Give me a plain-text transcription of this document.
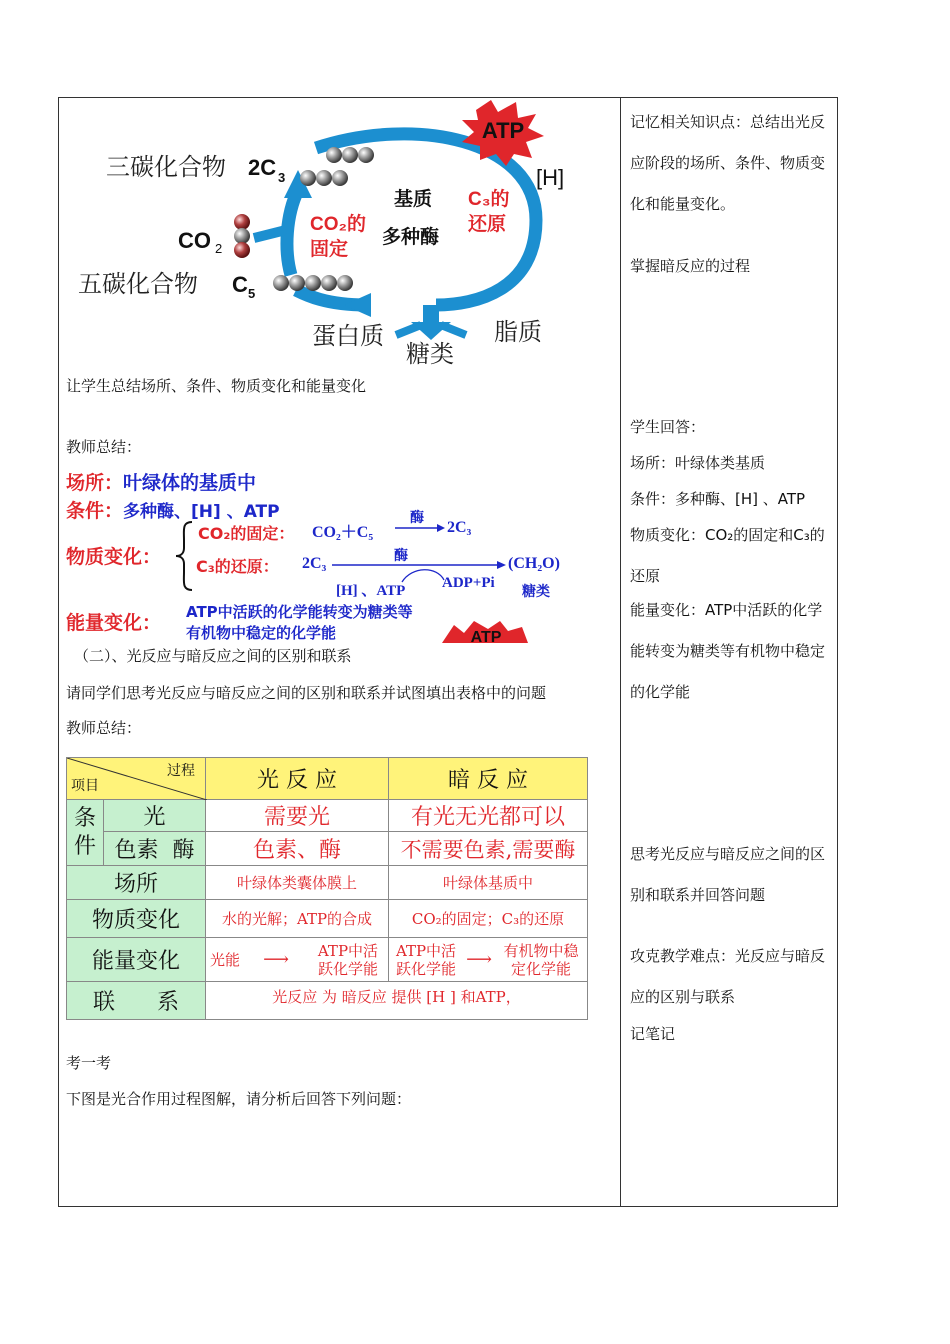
ATP
[H]
三碳化合物 2C 3
CO 2
五碳化合物 C 5
基质
多种酶
CO₂的
固定
C₃的
还原
蛋白质
糖类
脂质
让学生总结场所、条件、物质变化和能量变化
教师总结：
场所：叶绿体的基质中
条件：多种酶、[H] 、ATP
物质变化：
CO₂的固定： CO₂＋C₅
酶
2C₃
C₃的还原： 2C₃	酶	(CH₂O)
[H] 、ATP ADP+Pi
糖类
能量变化： ATP中活跃的化学能转变为糖类等
有机物中稳定的化学能	ATP
（二）、光反应与暗反应之间的区别和联系
请同学们思考光反应与暗反应之间的区别和联系并试图填出表格中的问题
教师总结：
项目
过程		光 反 应	暗 反 应

条
件	光	需要光	有光无光都可以
	色素  酶	色素、酶	不需要色素,需要酶
场所		叶绿体类囊体膜上	叶绿体基质中
物质变化		水的光解；ATP的合成	CO₂的固定；C₃的还原
能量变化		光能 ⟶ ATP中活跃化学能	ATP中活跃化学能 ⟶ 有机物中稳定化学能

联      系		光反应 为 暗反应 提供 [H ] 和ATP，	
考一考
下图是光合作用过程图解，请分析后回答下列问题：
记忆相关知识点：总结出光反应阶段的场所、条件、物质变化和能量变化。
掌握暗反应的过程
学生回答：
场所：叶绿体类基质
条件：多种酶、[H] 、ATP
物质变化：CO₂的固定和C₃的还原
能量变化：ATP中活跃的化学能转变为糖类等有机物中稳定的化学能
思考光反应与暗反应之间的区别和联系并回答问题
攻克教学难点：光反应与暗反应的区别与联系
记笔记
